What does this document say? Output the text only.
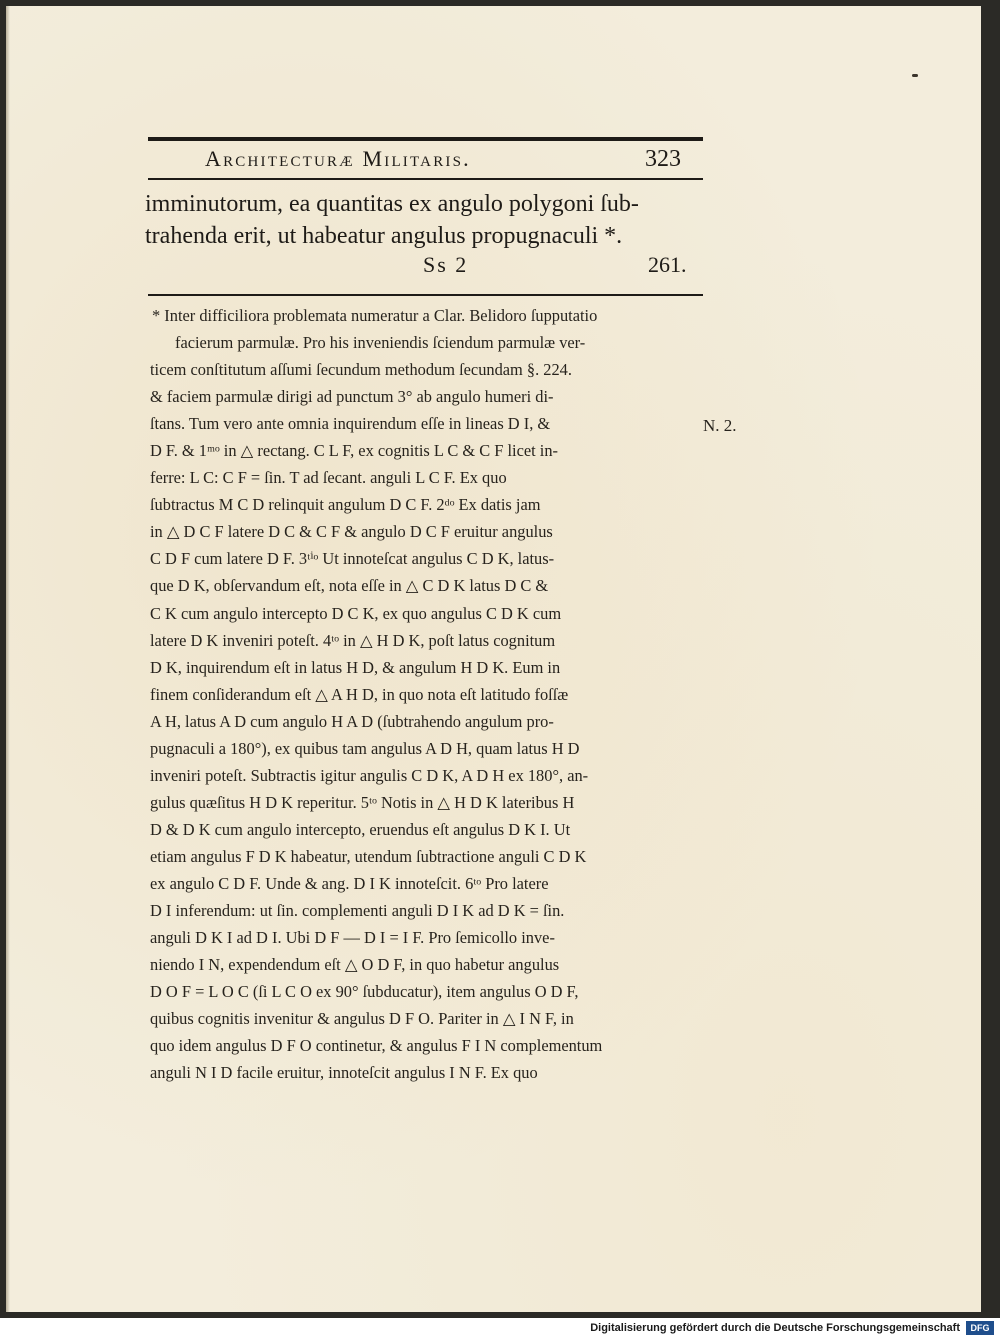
Architecturæ Militaris.	323
imminutorum, ea quantitas ex angulo polygoni ſub-
trahenda erit, ut habeatur angulus propugnaculi *.
Ss 2	261.
* Inter difficiliora problemata numeratur a Clar. Belidoro ſupputatio
facierum parmulæ. Pro his inveniendis ſciendum parmulæ ver-
ticem conſtitutum aſſumi ſecundum methodum ſecundam §. 224.
& faciem parmulæ dirigi ad punctum 3° ab angulo humeri di-
ſtans. Tum vero ante omnia inquirendum eſſe in lineas D I, &
D F. & 1ᵐᵒ in △ rectang. C L F, ex cognitis L C & C F licet in-
ferre: L C: C F = ſin. T ad ſecant. anguli L C F. Ex quo
ſubtractus M C D relinquit angulum D C F. 2ᵈᵒ Ex datis jam
in △ D C F latere D C & C F & angulo D C F eruitur angulus
C D F cum latere D F. 3ᵗⁱᵒ Ut innoteſcat angulus C D K, latus-
que D K, obſervandum eſt, nota eſſe in △ C D K latus D C &
C K cum angulo intercepto D C K, ex quo angulus C D K cum
latere D K inveniri poteſt. 4ᵗᵒ in △ H D K, poſt latus cognitum
D K, inquirendum eſt in latus H D, & angulum H D K. Eum in
finem conſiderandum eſt △ A H D, in quo nota eſt latitudo foſſæ
A H, latus A D cum angulo H A D (ſubtrahendo angulum pro-
pugnaculi a 180°), ex quibus tam angulus A D H, quam latus H D
inveniri poteſt. Subtractis igitur angulis C D K, A D H ex 180°, an-
gulus quæſitus H D K reperitur. 5ᵗᵒ Notis in △ H D K lateribus H
D & D K cum angulo intercepto, eruendus eſt angulus D K I. Ut
etiam angulus F D K habeatur, utendum ſubtractione anguli C D K
ex angulo C D F. Unde & ang. D I K innoteſcit. 6ᵗᵒ Pro latere
D I inferendum: ut ſin. complementi anguli D I K ad D K = ſin.
anguli D K I ad D I. Ubi D F — D I = I F. Pro ſemicollo inve-
niendo I N, expendendum eſt △ O D F, in quo habetur angulus
D O F = L O C (ſi L C O ex 90° ſubducatur), item angulus O D F,
quibus cognitis invenitur & angulus D F O. Pariter in △ I N F, in
quo idem angulus D F O continetur, & angulus F I N complementum
anguli N I D facile eruitur, innoteſcit angulus I N F. Ex quo
N. 2.
Digitalisierung gefördert durch die Deutsche Forschungsgemeinschaft	DFG
